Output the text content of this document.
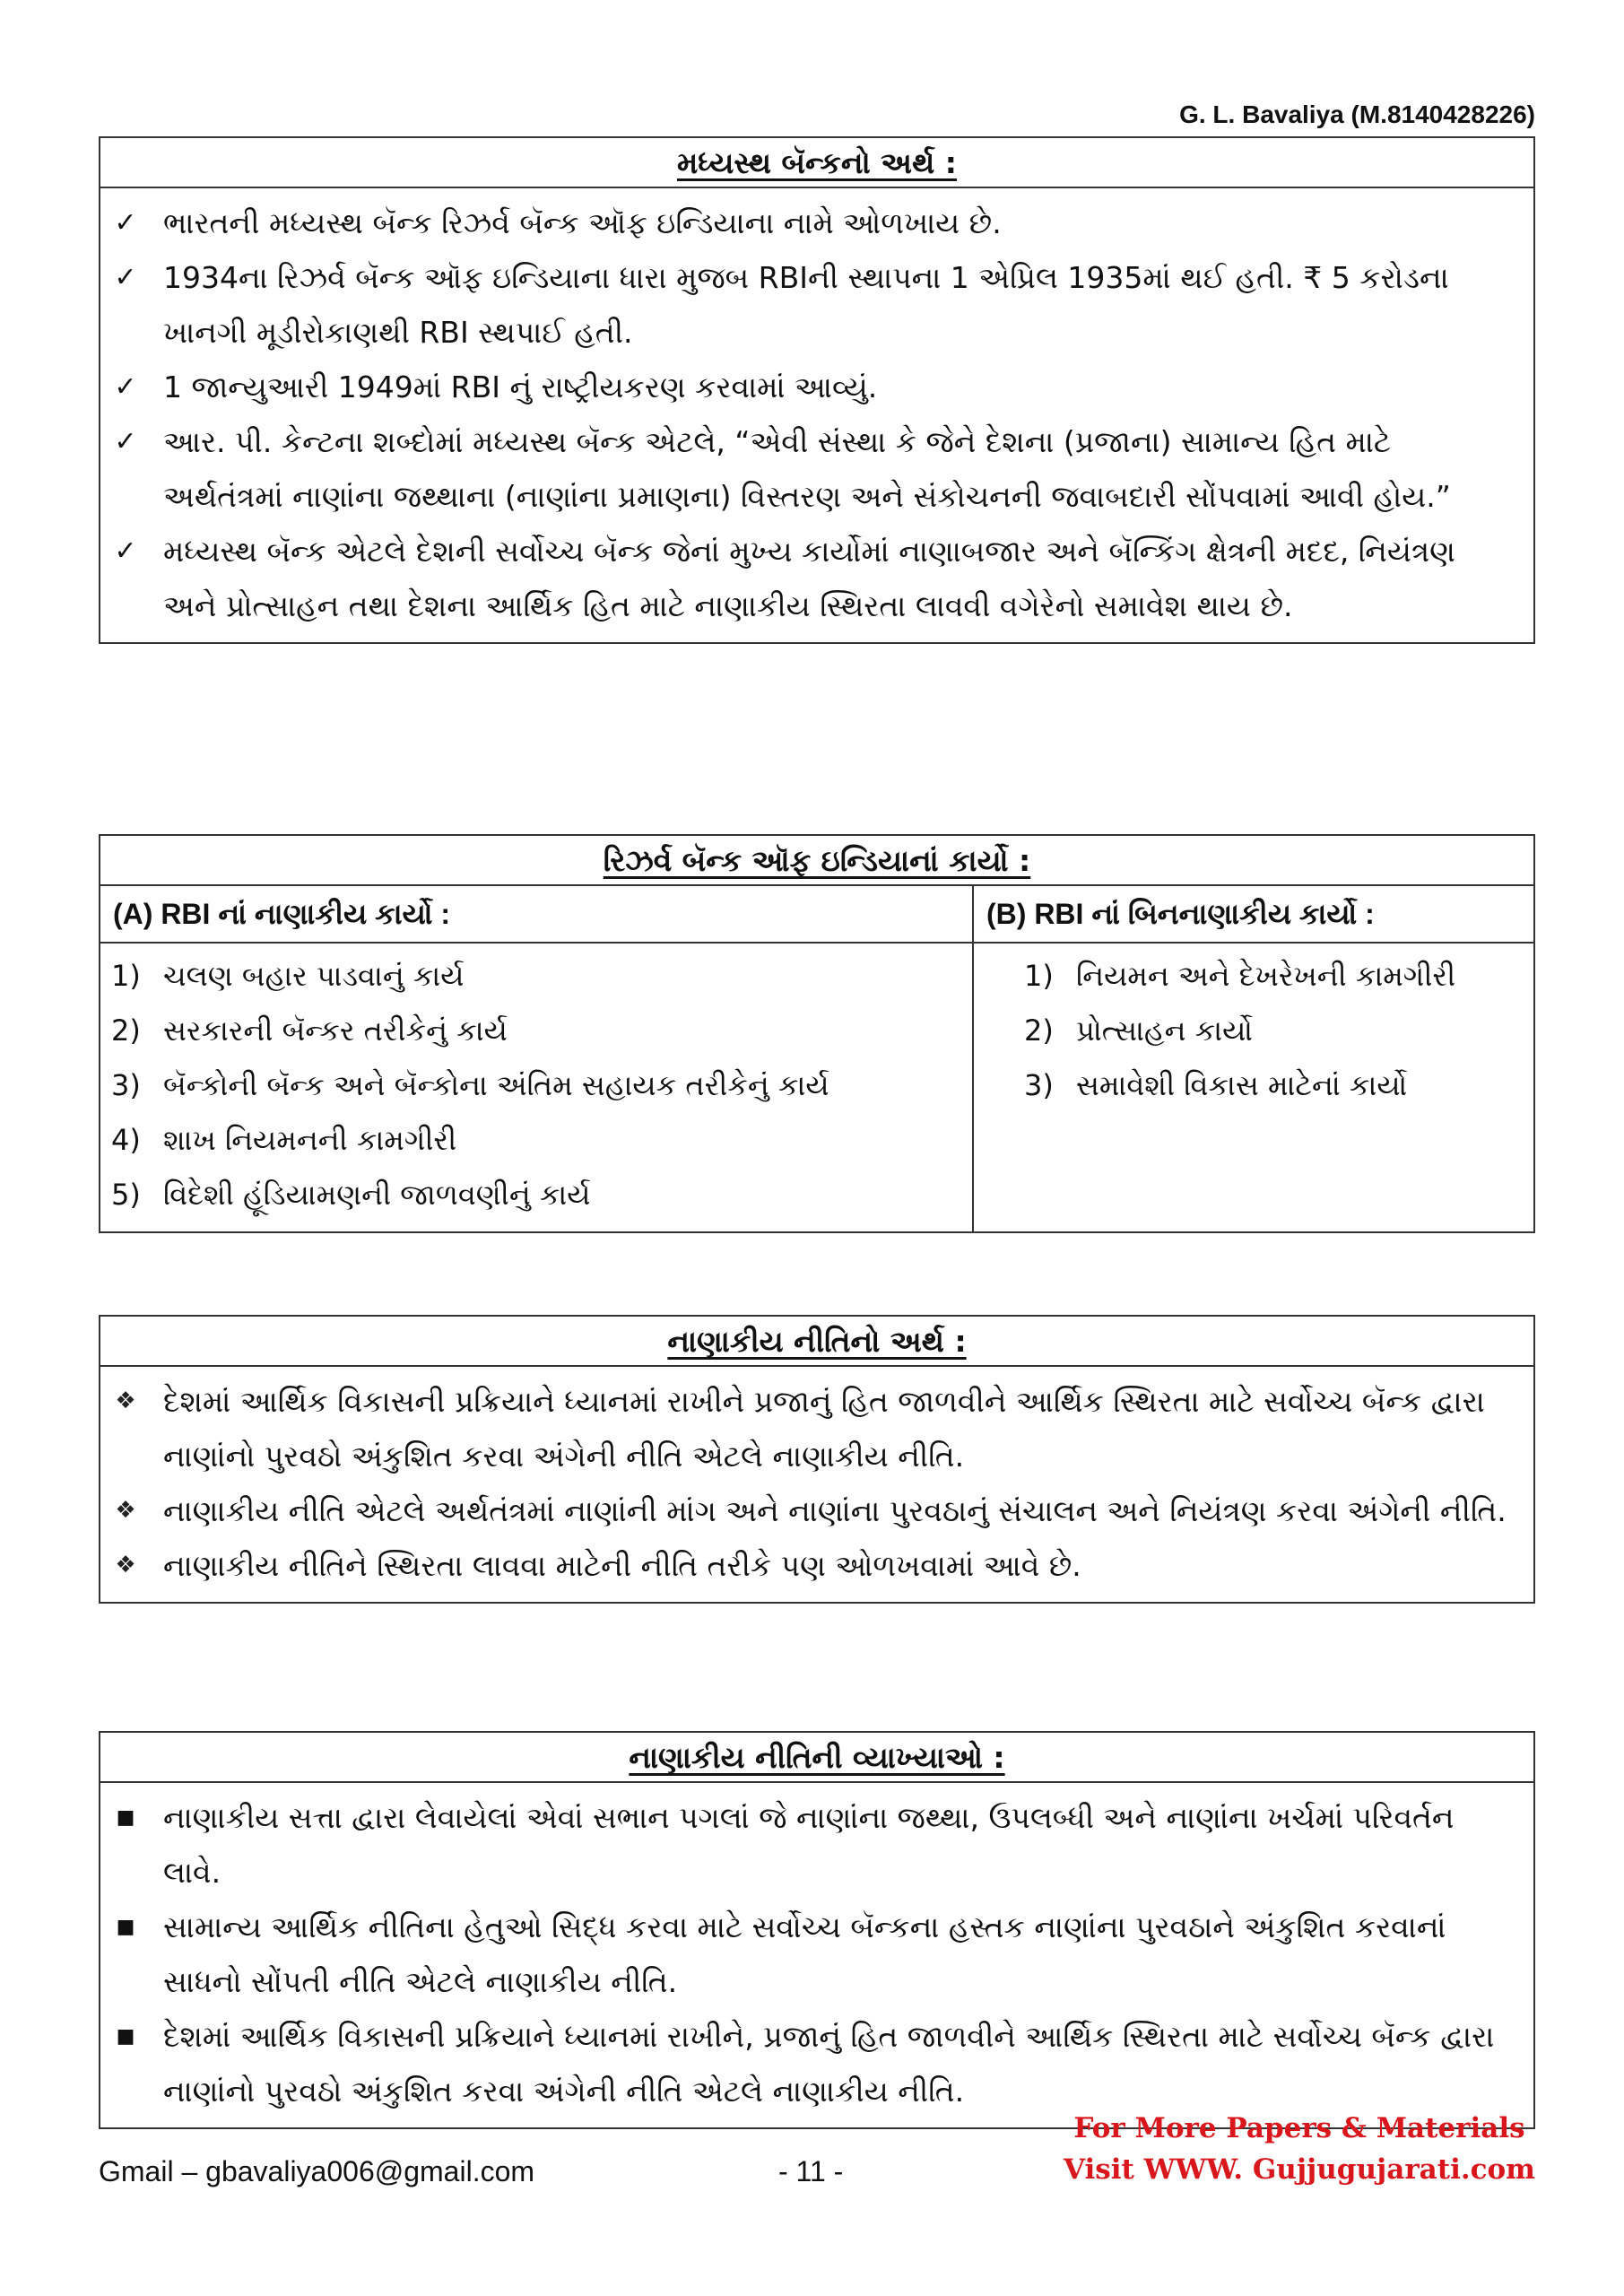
G. L. Bavaliya (M.8140428226)
મધ્યસ્થ બૅન્કનો અર્થ :
✓ ભારતની મધ્યસ્થ બૅન્ક રિઝર્વ બૅન્ક ઑફ ઇન્ડિયાના નામે ઓળખાય છે.
✓ 1934ના રિઝર્વ બૅન્ક ઑફ ઇન્ડિયાના ધારા મુજબ RBIની સ્થાપના 1 એપ્રિલ 1935માં થઈ હતી. ₹ 5 કરોડના ખાનગી મૂડીરોકાણથી RBI સ્થપાઈ હતી.
✓ 1 જાન્યુઆરી 1949માં RBI નું રાષ્ટ્રીયકરણ કરવામાં આવ્યું.
✓ આર. પી. કેન્ટના શબ્દોમાં મધ્યસ્થ બૅન્ક એટલે, “એવી સંસ્થા કે જેને દેશના (પ્રજાના) સામાન્ય હિત માટે અર્થતંત્રમાં નાણાંના જથ્થાના (નાણાંના પ્રમાણના) વિસ્તરણ અને સંકોચનની જવાબદારી સોંપવામાં આવી હોય.”
✓ મધ્યસ્થ બૅન્ક એટલે દેશની સર્વોચ્ચ બૅન્ક જેનાં મુખ્ય કાર્યોમાં નાણાબજાર અને બૅન્કિંગ ક્ષેત્રની મદદ, નિયંત્રણ અને પ્રોત્સાહન તથા દેશના આર્થિક હિત માટે નાણાકીય સ્થિરતા લાવવી વગેરેનો સમાવેશ થાય છે.
રિઝર્વ બૅન્ક ઑફ ઇન્ડિયાનાં કાર્યો :
(A) RBI નાં નાણાકીય કાર્યો :
1) ચલણ બહાર પાડવાનું કાર્ય
2) સરકારની બૅન્કર તરીકેનું કાર્ય
3) બૅન્કોની બૅન્ક અને બૅન્કોના અંતિમ સહાયક તરીકેનું કાર્ય
4) શાખ નિયમનની કામગીરી
5) વિદેશી હૂંડિયામણની જાળવણીનું કાર્ય
(B) RBI નાં બિનનાણાકીય કાર્યો :
1) નિયમન અને દેખરેખની કામગીરી
2) પ્રોત્સાહન કાર્યો
3) સમાવેશી વિકાસ માટેનાં કાર્યો
નાણાકીય નીતિનો અર્થ :
❖ દેશમાં આર્થિક વિકાસની પ્રક્રિયાને ધ્યાનમાં રાખીને પ્રજાનું હિત જાળવીને આર્થિક સ્થિરતા માટે સર્વોચ્ચ બૅન્ક દ્વારા નાણાંનો પુરવઠો અંકુશિત કરવા અંગેની નીતિ એટલે નાણાકીય નીતિ.
❖ નાણાકીય નીતિ એટલે અર્થતંત્રમાં નાણાંની માંગ અને નાણાંના પુરવઠાનું સંચાલન અને નિયંત્રણ કરવા અંગેની નીતિ.
❖ નાણાકીય નીતિને સ્થિરતા લાવવા માટેની નીતિ તરીકે પણ ઓળખવામાં આવે છે.
નાણાકીય નીતિની વ્યાખ્યાઓ :
■ નાણાકીય સત્તા દ્વારા લેવાયેલાં એવાં સભાન પગલાં જે નાણાંના જથ્થા, ઉપલબ્ધી અને નાણાંના ખર્ચમાં પરિવર્તન લાવે.
■ સામાન્ય આર્થિક નીતિના હેતુઓ સિદ્ધ કરવા માટે સર્વોચ્ચ બૅન્કના હસ્તક નાણાંના પુરવઠાને અંકુશિત કરવાનાં સાધનો સોંપતી નીતિ એટલે નાણાકીય નીતિ.
■ દેશમાં આર્થિક વિકાસની પ્રક્રિયાને ધ્યાનમાં રાખીને, પ્રજાનું હિત જાળવીને આર્થિક સ્થિરતા માટે સર્વોચ્ચ બૅન્ક દ્વારા નાણાંનો પુરવઠો અંકુશિત કરવા અંગેની નીતિ એટલે નાણાકીય નીતિ.
Gmail – gbavaliya006@gmail.com	- 11 -
For More Papers & Materials
Visit WWW. Gujjugujarati.com
